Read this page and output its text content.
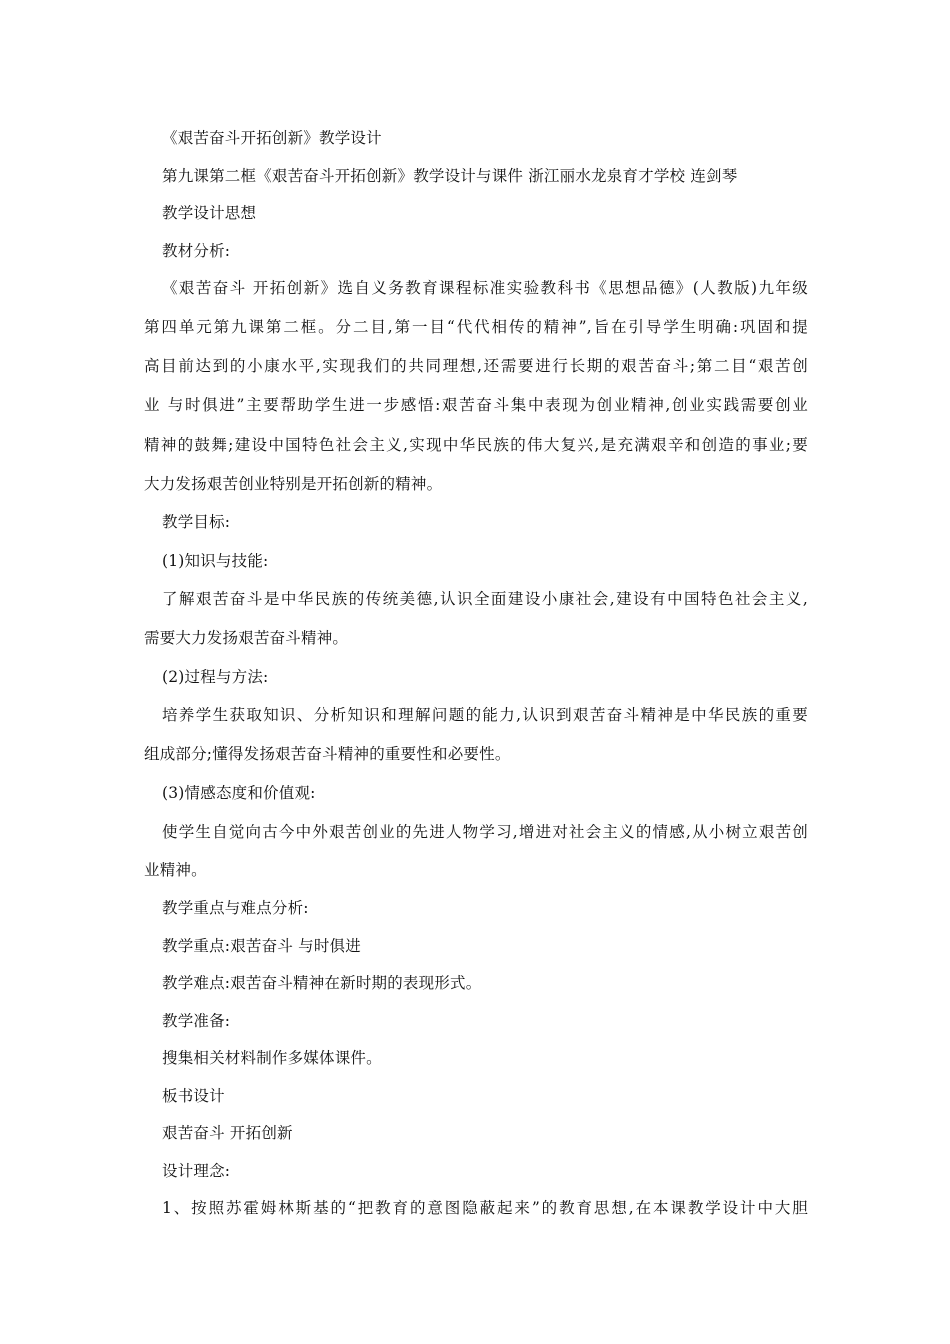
《艰苦奋斗开拓创新》教学设计

第九课第二框《艰苦奋斗开拓创新》教学设计与课件 浙江丽水龙泉育才学校 连剑琴

教学设计思想

教材分析:

《艰苦奋斗 开拓创新》选自义务教育课程标准实验教科书《思想品德》(人教版)九年级

第四单元第九课第二框。分二目,第一目“代代相传的精神”,旨在引导学生明确:巩固和提

高目前达到的小康水平,实现我们的共同理想,还需要进行长期的艰苦奋斗;第二目“艰苦创

业 与时俱进”主要帮助学生进一步感悟:艰苦奋斗集中表现为创业精神,创业实践需要创业

精神的鼓舞;建设中国特色社会主义,实现中华民族的伟大复兴,是充满艰辛和创造的事业;要

大力发扬艰苦创业特别是开拓创新的精神。

教学目标:

(1)知识与技能:

了解艰苦奋斗是中华民族的传统美德,认识全面建设小康社会,建设有中国特色社会主义,

需要大力发扬艰苦奋斗精神。

(2)过程与方法:

培养学生获取知识、分析知识和理解问题的能力,认识到艰苦奋斗精神是中华民族的重要

组成部分;懂得发扬艰苦奋斗精神的重要性和必要性。

(3)情感态度和价值观:

使学生自觉向古今中外艰苦创业的先进人物学习,增进对社会主义的情感,从小树立艰苦创

业精神。

教学重点与难点分析:

教学重点:艰苦奋斗 与时俱进

教学难点:艰苦奋斗精神在新时期的表现形式。

教学准备:

搜集相关材料制作多媒体课件。

板书设计

艰苦奋斗 开拓创新

设计理念:

1、按照苏霍姆林斯基的“把教育的意图隐蔽起来”的教育思想,在本课教学设计中大胆
